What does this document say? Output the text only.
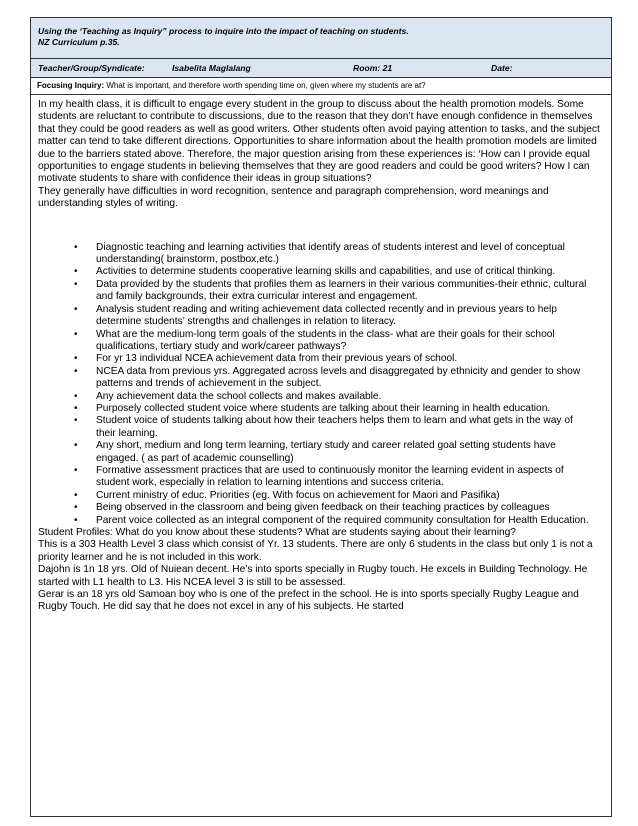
Using the ‘Teaching as Inquiry” process to inquire into the impact of teaching on students.
NZ Curriculum p.35.
Teacher/Group/Syndicate:	Isabelita Maglalang	Room: 21	Date:
Focusing Inquiry: What is important, and therefore worth spending time on, given where my students are at?

In my health class, it is difficult to engage every student in the group to discuss about the health promotion models. Some students are reluctant to contribute to discussions, due to the reason that they don’t have enough confidence in themselves that they could be good readers as well as good writers. Other students often avoid paying attention to tasks, and the subject matter can tend to take different directions. Opportunities to share information about the health promotion models are limited due to the barriers stated above. Therefore, the major question arising from these experiences is: ‘How can I provide equal opportunities to engage students in believing themselves that they are good readers and could be good writers? How I can motivate students to share with confidence their ideas in group situations?

They generally have difficulties in word recognition, sentence and paragraph comprehension, word meanings and understanding styles of writing.

• Diagnostic teaching and learning activities that identify areas of students interest and level of conceptual understanding( brainstorm, postbox,etc.)
• Activities to determine students cooperative learning skills and capabilities, and use of critical thinking.
• Data provided by the students that profiles them as learners in their various communities-their ethnic, cultural and family backgrounds, their extra curricular interest and engagement.
• Analysis student reading and writing achievement data collected recently and in previous years to help determine students’ strengths and challenges in relation to literacy.
• What are the medium-long term goals of the students in the class- what are their goals for their school qualifications, tertiary study and work/career pathways?
• For yr 13 individual NCEA achievement data from their previous years of school.
• NCEA data from previous yrs. Aggregated across levels and disaggregated by ethnicity and gender to show patterns and trends of achievement in the subject.
• Any achievement data the school collects and makes available.
• Purposely collected student voice where students are talking about their learning in health education.
• Student voice of students talking about how their teachers helps them to learn and what gets in the way of their learning.
• Any short, medium and long term learning, tertiary study and career related goal setting students have engaged. ( as part of academic counselling)
• Formative assessment practices that are used to continuously monitor the learning evident in aspects of student work, especially in relation to learning intentions and success criteria.
• Current ministry of educ. Priorities (eg. With focus on achievement for Maori and Pasifika)
• Being observed in the classroom and being given feedback on their teaching practices by colleagues
• Parent voice collected as an integral component of the required community consultation for Health Education.

Student Profiles: What do you know about these students? What are students saying about their learning?

This is a 303 Health Level 3 class which consist of Yr. 13 students. There are only 6 students in the class but only 1 is not a priority learner and he is not included in this work.

Dajohn is 1n 18 yrs. Old of Nuiean decent. He’s into sports specially in Rugby touch. He excels in Building Technology. He started with L1 health to L3. His NCEA level 3 is still to be assessed.

Gerar is an 18 yrs old Samoan boy who is one of the prefect in the school. He is into sports specially Rugby League and Rugby Touch. He did say that he does not excel in any of his subjects. He started
